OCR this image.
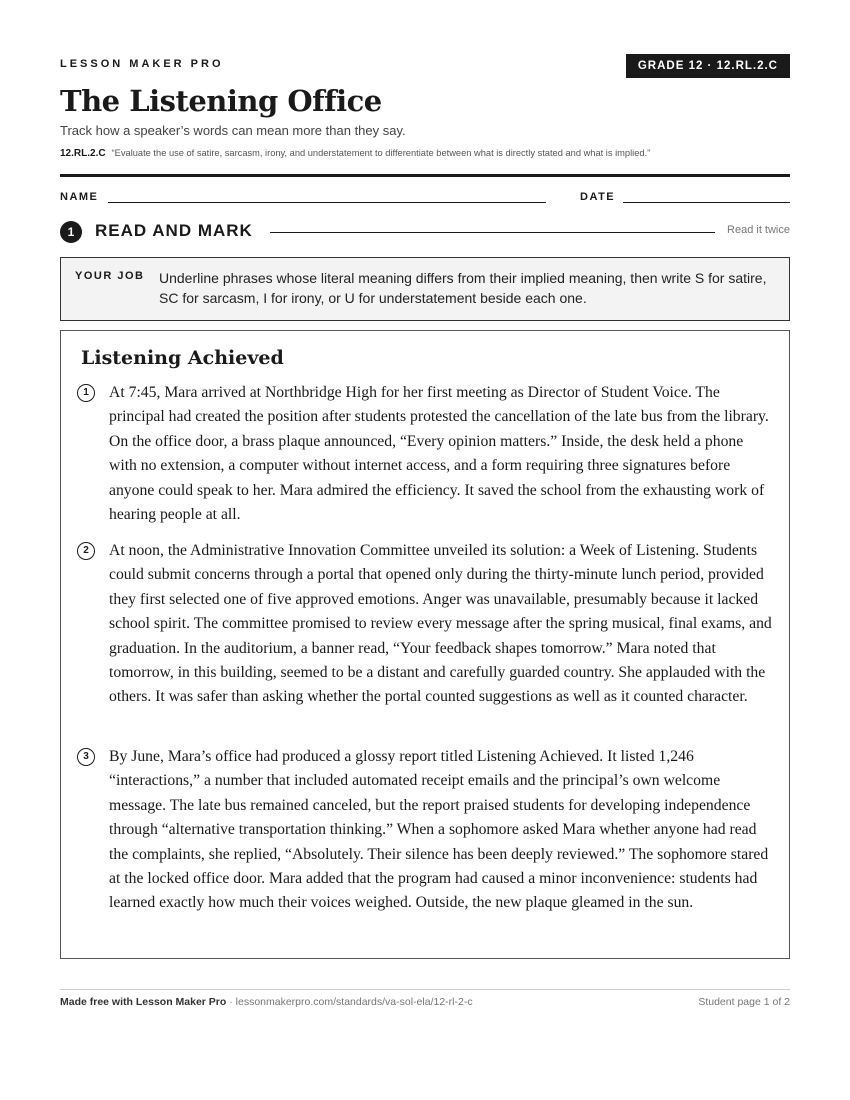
LESSON MAKER PRO	GRADE 12 · 12.RL.2.C
The Listening Office
Track how a speaker’s words can mean more than they say.
12.RL.2.C “Evaluate the use of satire, sarcasm, irony, and understatement to differentiate between what is directly stated and what is implied.”
NAME	DATE
1	READ AND MARK	Read it twice
YOUR JOB Underline phrases whose literal meaning differs from their implied meaning, then write S for satire, SC for sarcasm, I for irony, or U for understatement beside each one.
Listening Achieved
1	At 7:45, Mara arrived at Northbridge High for her first meeting as Director of Student Voice. The principal had created the position after students protested the cancellation of the late bus from the library. On the office door, a brass plaque announced, “Every opinion matters.” Inside, the desk held a phone with no extension, a computer without internet access, and a form requiring three signatures before anyone could speak to her. Mara admired the efficiency. It saved the school from the exhausting work of hearing people at all.
2	At noon, the Administrative Innovation Committee unveiled its solution: a Week of Listening. Students could submit concerns through a portal that opened only during the thirty-minute lunch period, provided they first selected one of five approved emotions. Anger was unavailable, presumably because it lacked school spirit. The committee promised to review every message after the spring musical, final exams, and graduation. In the auditorium, a banner read, “Your feedback shapes tomorrow.” Mara noted that tomorrow, in this building, seemed to be a distant and carefully guarded country. She applauded with the others. It was safer than asking whether the portal counted suggestions as well as it counted character.
3	By June, Mara’s office had produced a glossy report titled Listening Achieved. It listed 1,246 “interactions,” a number that included automated receipt emails and the principal’s own welcome message. The late bus remained canceled, but the report praised students for developing independence through “alternative transportation thinking.” When a sophomore asked Mara whether anyone had read the complaints, she replied, “Absolutely. Their silence has been deeply reviewed.” The sophomore stared at the locked office door. Mara added that the program had caused a minor inconvenience: students had learned exactly how much their voices weighed. Outside, the new plaque gleamed in the sun.
Made free with Lesson Maker Pro · lessonmakerpro.com/standards/va-sol-ela/12-rl-2-c	Student page 1 of 2
